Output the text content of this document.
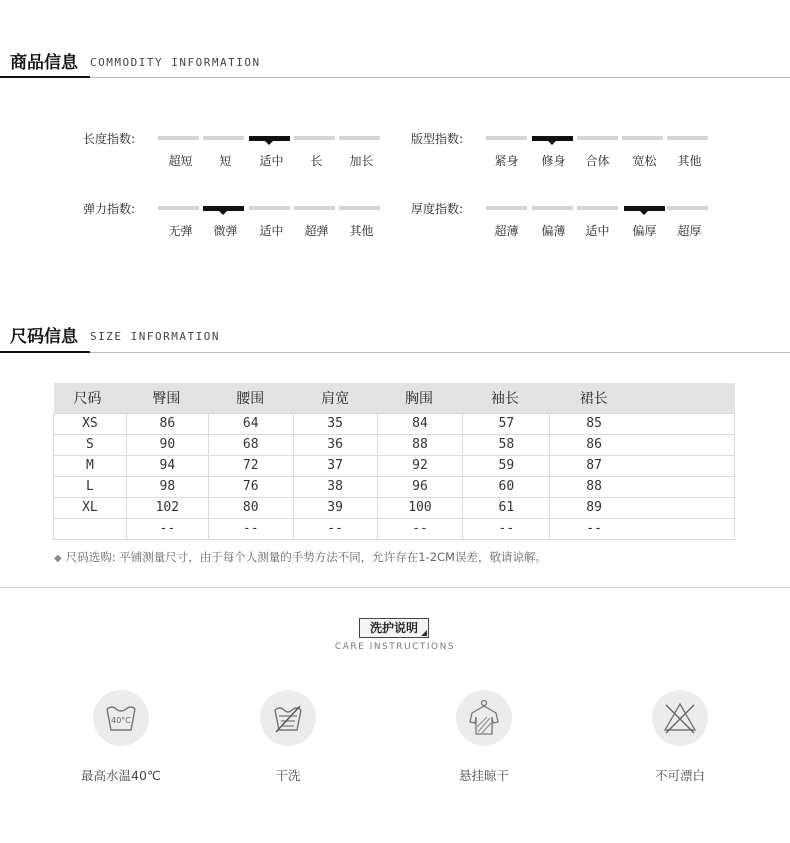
商品信息 COMMODITY INFORMATION
长度指数:
超短	短	适中	长	加长
版型指数:
紧身	修身	合体	宽松	其他
弹力指数:
无弹	微弹	适中	超弹	其他
厚度指数:
超薄	偏薄	适中	偏厚	超厚
尺码信息 SIZE INFORMATION
尺码	臀围	腰围	肩宽	胸围	袖长	裙长
XS	86	64	35	84	57	85
S	90	68	36	88	58	86
M	94	72	37	92	59	87
L	98	76	38	96	60	88
XL	102	80	39	100	61	89
	--	--	--	--	--	--
◆ 尺码选购: 平铺测量尺寸，由于每个人测量的手势方法不同，允许存在1-2CM误差，敬请谅解。
洗护说明
CARE INSTRUCTIONS
40°C
最高水温40℃	干洗	悬挂晾干	不可漂白
